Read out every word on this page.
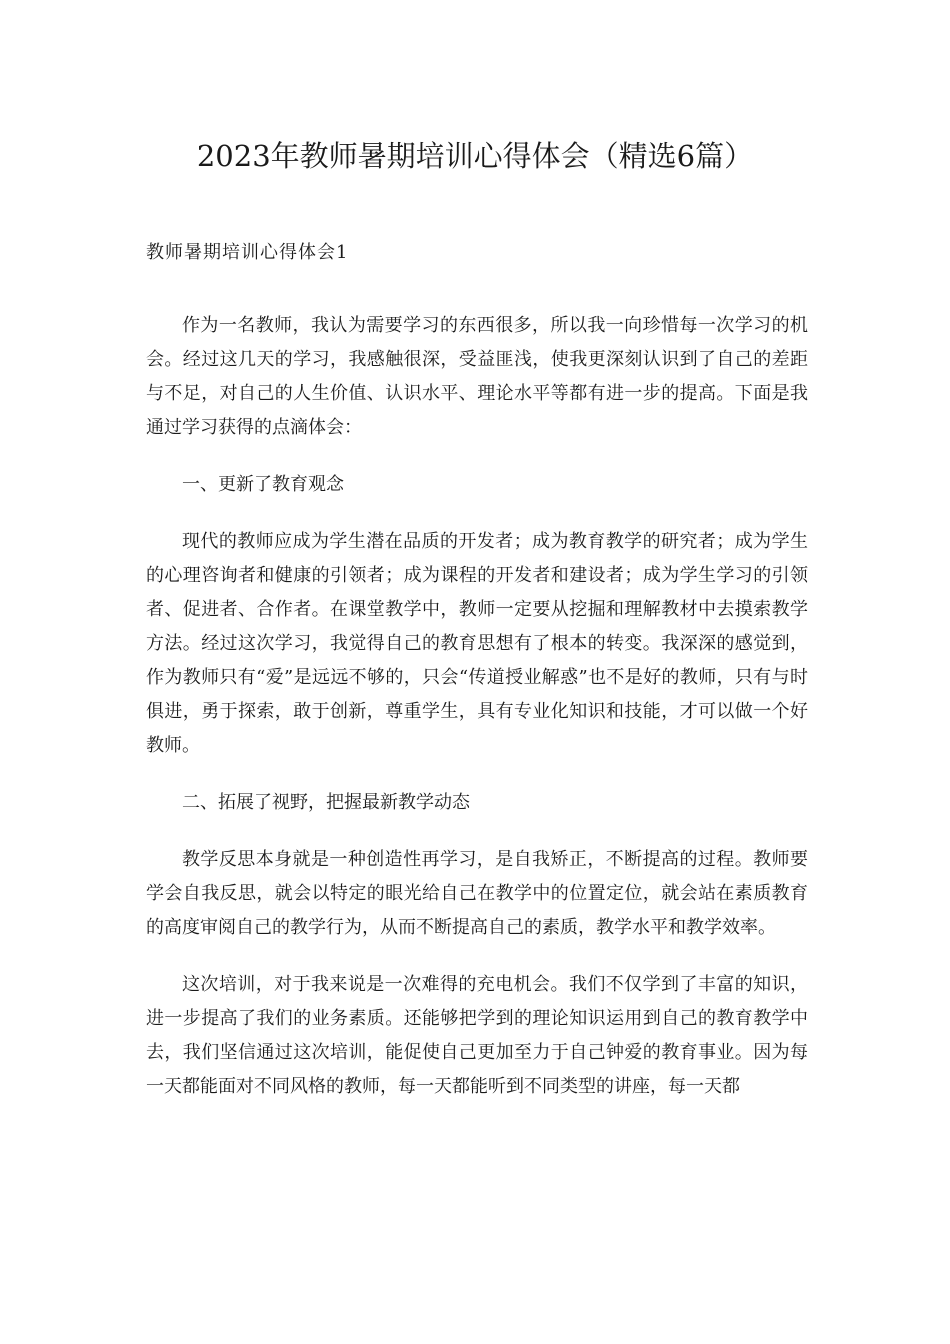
2023年教师暑期培训心得体会（精选6篇）
教师暑期培训心得体会1

作为一名教师，我认为需要学习的东西很多，所以我一向珍惜每一次学习的机会。经过这几天的学习，我感触很深，受益匪浅，使我更深刻认识到了自己的差距与不足，对自己的人生价值、认识水平、理论水平等都有进一步的提高。下面是我通过学习获得的点滴体会：

一、更新了教育观念

现代的教师应成为学生潜在品质的开发者；成为教育教学的研究者；成为学生的心理咨询者和健康的引领者；成为课程的开发者和建设者；成为学生学习的引领者、促进者、合作者。在课堂教学中，教师一定要从挖掘和理解教材中去摸索教学方法。经过这次学习，我觉得自己的教育思想有了根本的转变。我深深的感觉到，作为教师只有“爱”是远远不够的，只会“传道授业解惑”也不是好的教师，只有与时俱进，勇于探索，敢于创新，尊重学生，具有专业化知识和技能，才可以做一个好教师。

二、拓展了视野，把握最新教学动态

教学反思本身就是一种创造性再学习，是自我矫正，不断提高的过程。教师要学会自我反思，就会以特定的眼光给自己在教学中的位置定位，就会站在素质教育的高度审阅自己的教学行为，从而不断提高自己的素质，教学水平和教学效率。

这次培训，对于我来说是一次难得的充电机会。我们不仅学到了丰富的知识，进一步提高了我们的业务素质。还能够把学到的理论知识运用到自己的教育教学中去，我们坚信通过这次培训，能促使自己更加至力于自己钟爱的教育事业。因为每一天都能面对不同风格的教师，每一天都能听到不同类型的讲座，每一天都
